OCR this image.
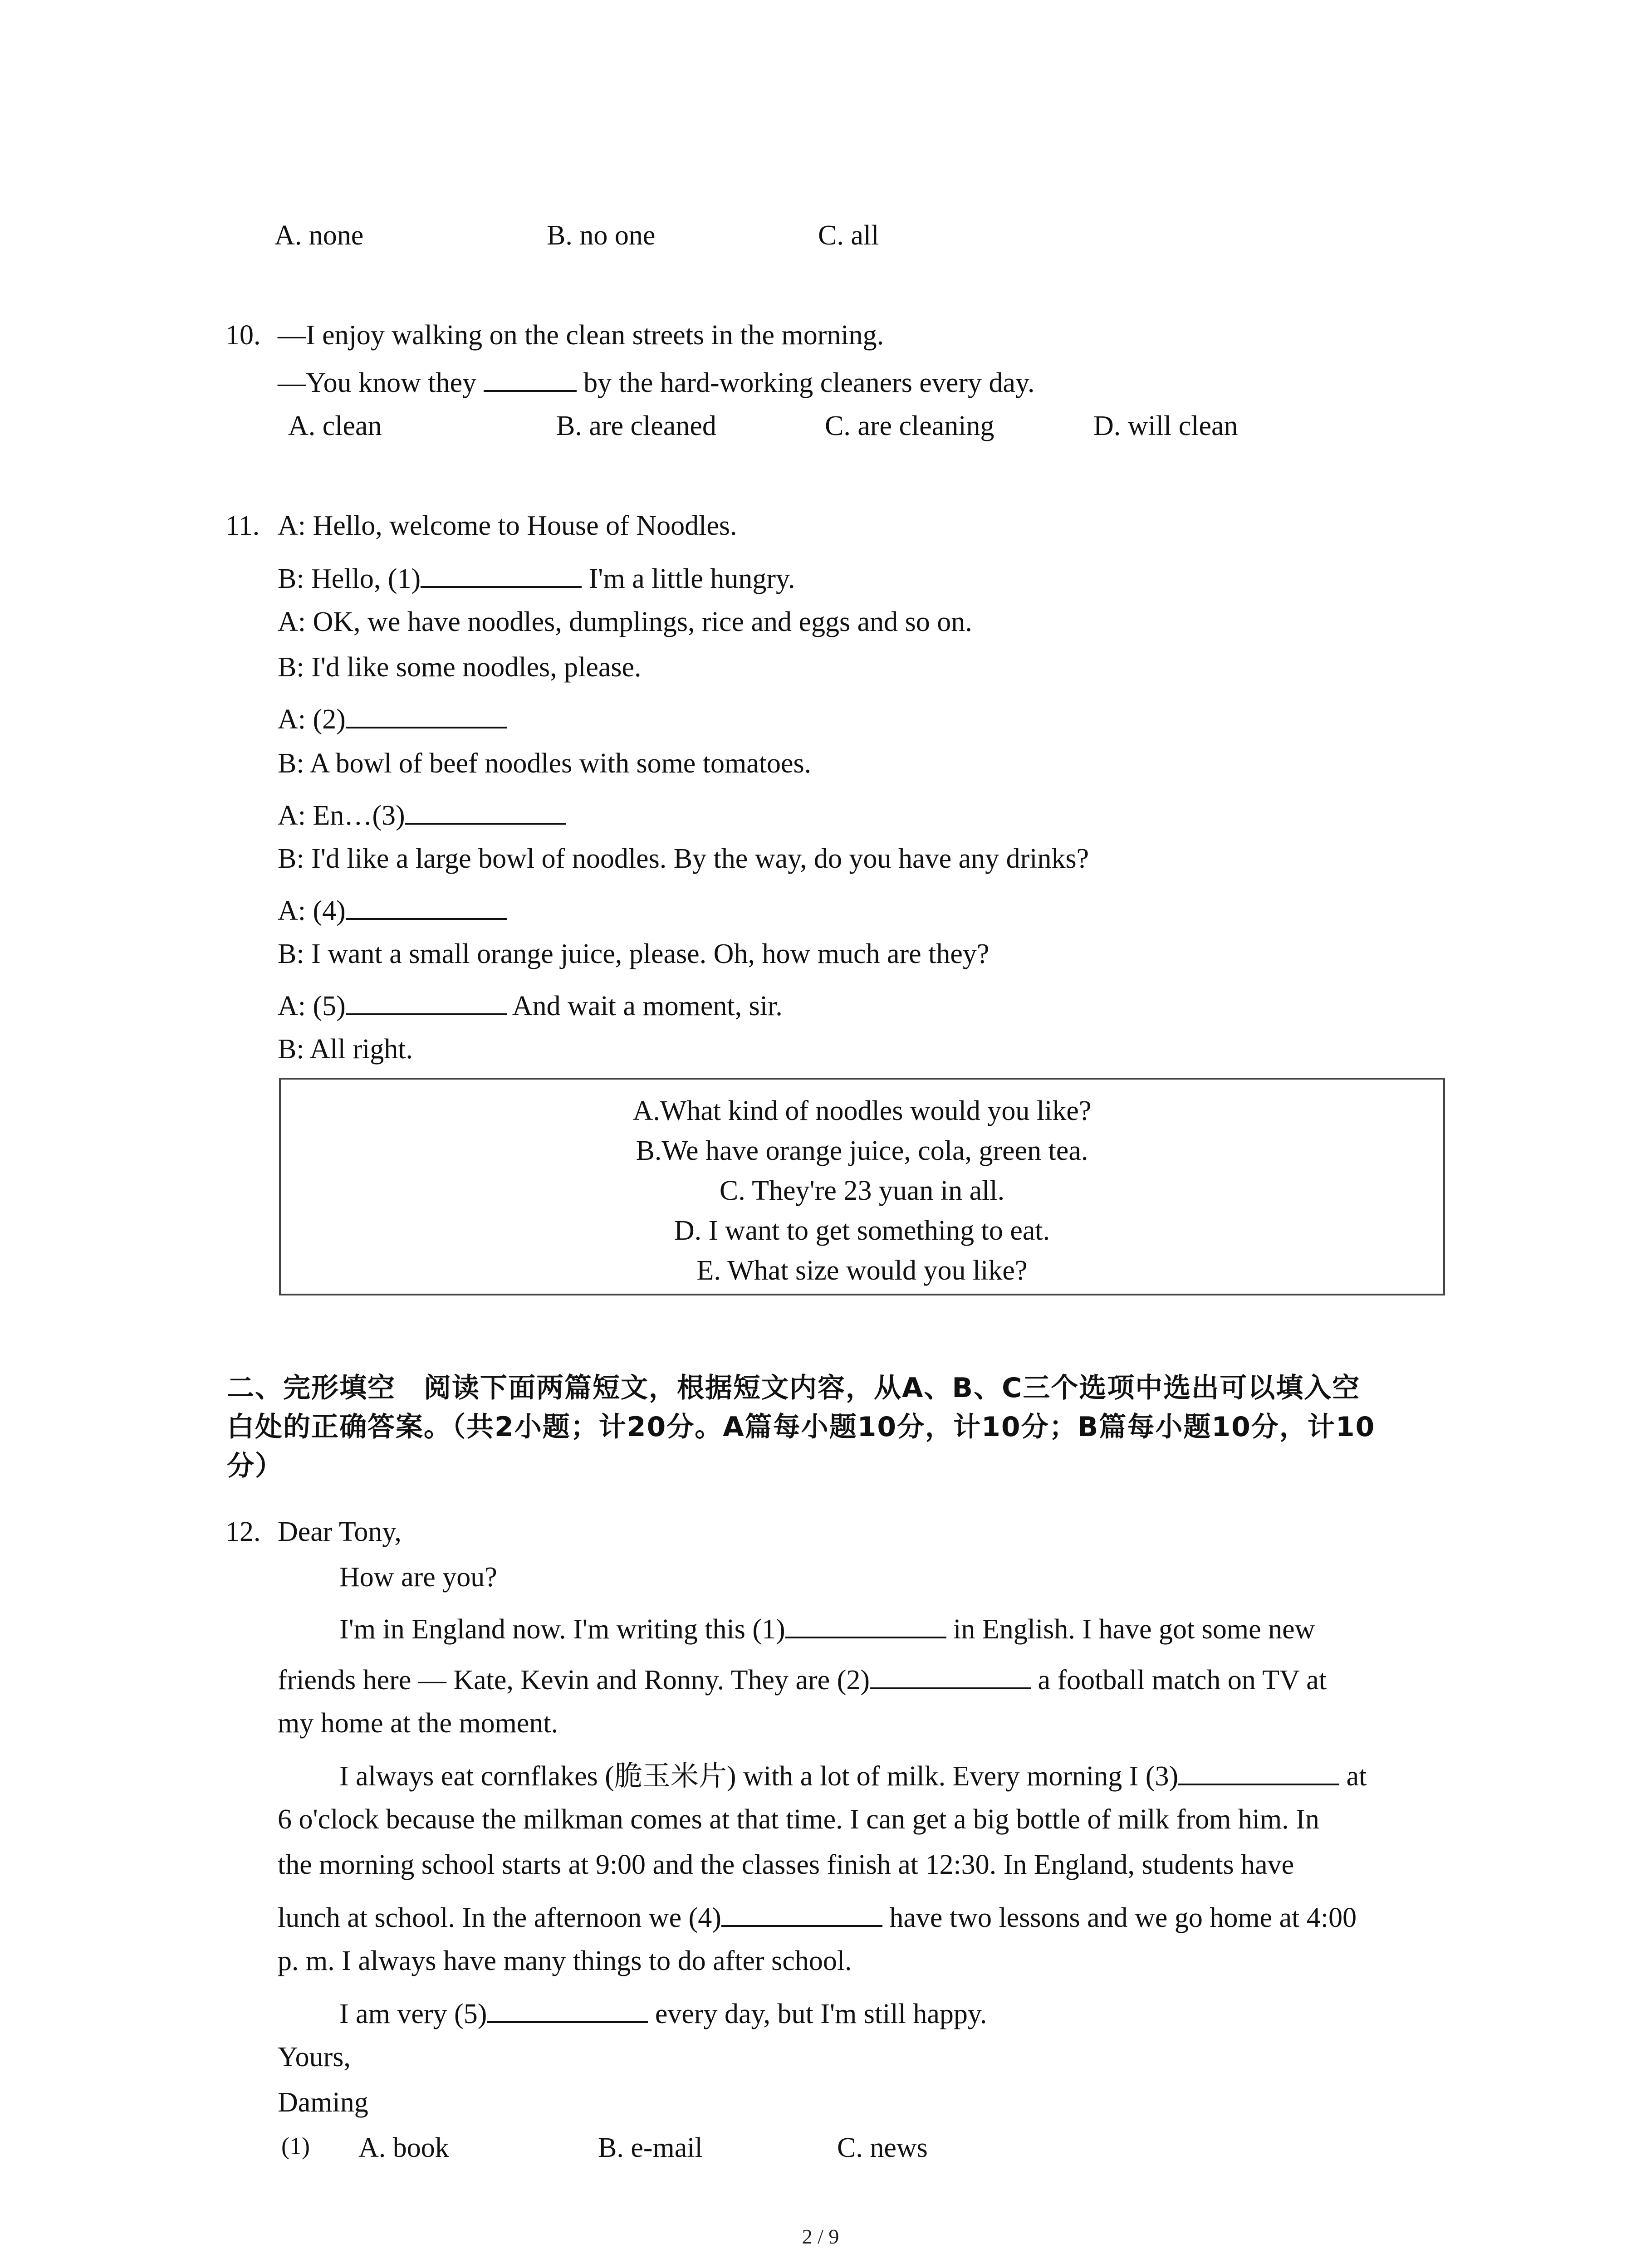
A. none	B. no one	C. all
10. —I enjoy walking on the clean streets in the morning.
—You know they	by the hard-working cleaners every day.
A. clean	B. are cleaned	C. are cleaning	D. will clean
11. A: Hello, welcome to House of Noodles.
B: Hello, (1)	I'm a little hungry.
A: OK, we have noodles, dumplings, rice and eggs and so on.
B: I'd like some noodles, please.
A: (2)
B: A bowl of beef noodles with some tomatoes.
A: En…(3)
B: I'd like a large bowl of noodles. By the way, do you have any drinks?
A: (4)
B: I want a small orange juice, please. Oh, how much are they?
A: (5)	And wait a moment, sir.
B: All right.
A.What kind of noodles would you like?
B.We have orange juice, cola, green tea.
C. They're 23 yuan in all.
D. I want to get something to eat.
E. What size would you like?
二、完形填空　阅读下面两篇短文，根据短文内容，从A、B、C三个选项中选出可以填入空
白处的正确答案。（共2小题；计20分。A篇每小题10分，计10分；B篇每小题10分，计10
分）
12. Dear Tony,
How are you?
I'm in England now. I'm writing this (1)	in English. I have got some new
friends here — Kate, Kevin and Ronny. They are (2)	a football match on TV at
my home at the moment.
I always eat cornflakes (脆玉米片) with a lot of milk. Every morning I (3)	at
6 o'clock because the milkman comes at that time. I can get a big bottle of milk from him. In
the morning school starts at 9:00 and the classes finish at 12:30. In England, students have
lunch at school. In the afternoon we (4)	have two lessons and we go home at 4:00
p. m. I always have many things to do after school.
I am very (5)	every day, but I'm still happy.
Yours,
Daming
(1) A. book	B. e-mail	C. news
2 / 9
